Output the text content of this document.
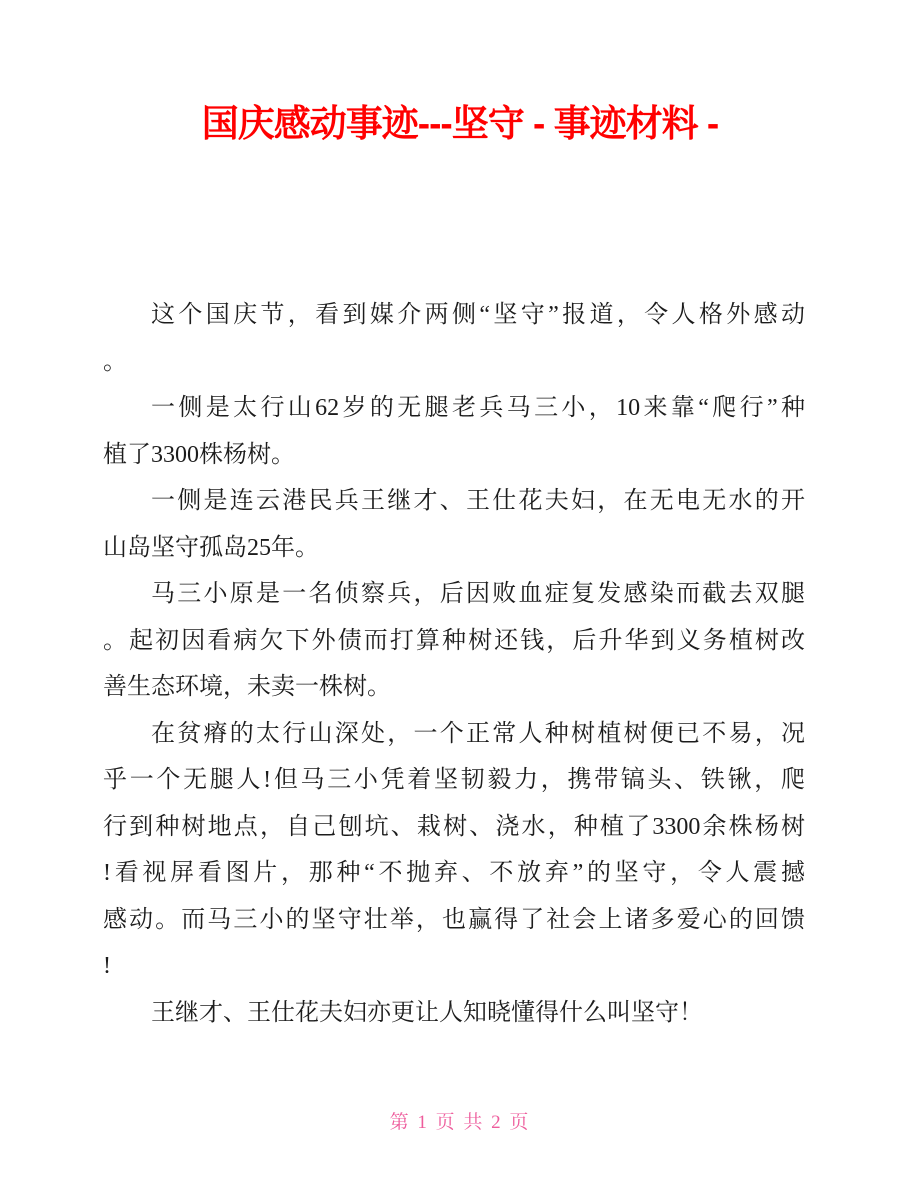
国庆感动事迹---坚守 - 事迹材料 -
这个国庆节，看到媒介两侧“坚守”报道，令人格外感动
。
一侧是太行山62岁的无腿老兵马三小，10来靠“爬行”种
植了3300株杨树。
一侧是连云港民兵王继才、王仕花夫妇，在无电无水的开
山岛坚守孤岛25年。
马三小原是一名侦察兵，后因败血症复发感染而截去双腿
。起初因看病欠下外债而打算种树还钱，后升华到义务植树改
善生态环境，未卖一株树。
在贫瘠的太行山深处，一个正常人种树植树便已不易，况
乎一个无腿人!但马三小凭着坚韧毅力，携带镐头、铁锹，爬
行到种树地点，自己刨坑、栽树、浇水，种植了3300余株杨树
!看视屏看图片，那种“不抛弃、不放弃”的坚守，令人震撼
感动。而马三小的坚守壮举，也赢得了社会上诸多爱心的回馈
!
王继才、王仕花夫妇亦更让人知晓懂得什么叫坚守！
第 1 页 共 2 页
